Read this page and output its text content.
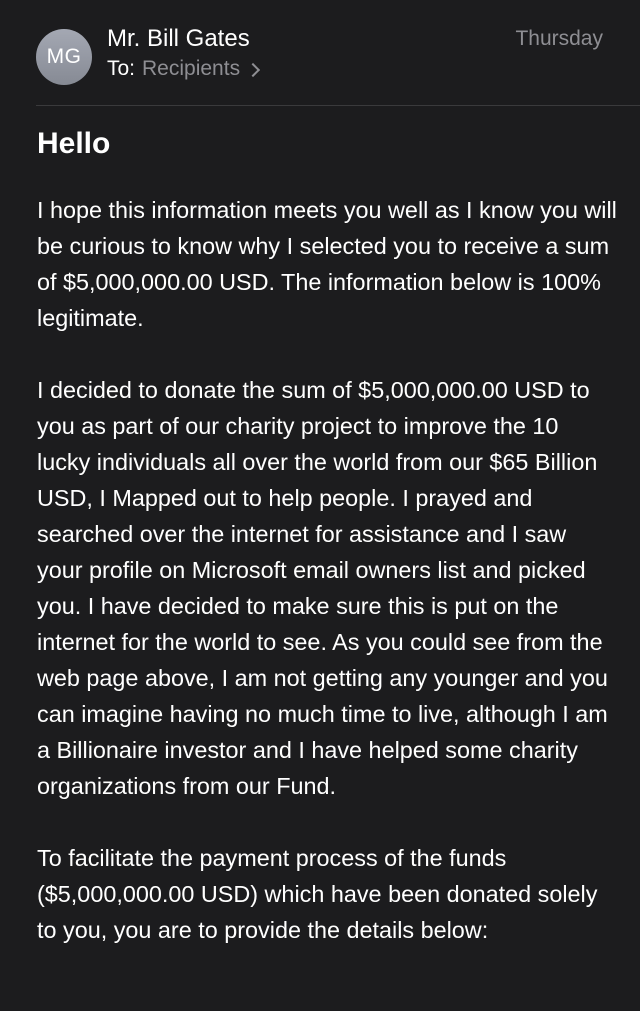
MG
Mr. Bill Gates
To: Recipients
Thursday
Hello

I hope this information meets you well as I know you will be curious to know why I selected you to receive a sum of $5,000,000.00 USD. The information below is 100% legitimate.

I decided to donate the sum of $5,000,000.00 USD to you as part of our charity project to improve the 10 lucky individuals all over the world from our $65 Billion USD, I Mapped out to help people. I prayed and searched over the internet for assistance and I saw your profile on Microsoft email owners list and picked you. I have decided to make sure this is put on the internet for the world to see. As you could see from the web page above, I am not getting any younger and you can imagine having no much time to live, although I am a Billionaire investor and I have helped some charity organizations from our Fund.

To facilitate the payment process of the funds ($5,000,000.00 USD) which have been donated solely to you, you are to provide the details below:
